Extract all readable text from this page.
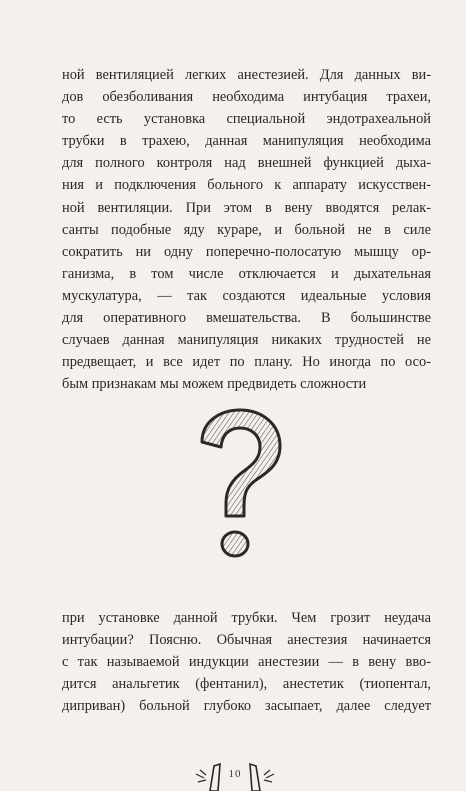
ной вентиляцией легких анестезией. Для данных ви-
дов обезболивания необходима интубация трахеи,
то есть установка специальной эндотрахеальной
трубки в трахею, данная манипуляция необходима
для полного контроля над внешней функцией дыха-
ния и подключения больного к аппарату искусствен-
ной вентиляции. При этом в вену вводятся релак-
санты подобные яду кураре, и больной не в силе
сократить ни одну поперечно-полосатую мышцу ор-
ганизма, в том числе отключается и дыхательная
мускулатура, — так создаются идеальные условия
для оперативного вмешательства. В большинстве
случаев данная манипуляция никаких трудностей не
предвещает, и все идет по плану. Но иногда по осо-
бым признакам мы можем предвидеть сложности
при установке данной трубки. Чем грозит неудача
интубации? Поясню. Обычная анестезия начинается
с так называемой индукции анестезии — в вену вво-
дится анальгетик (фентанил), анестетик (тиопентал,
диприван) больной глубоко засыпает, далее следует
10
